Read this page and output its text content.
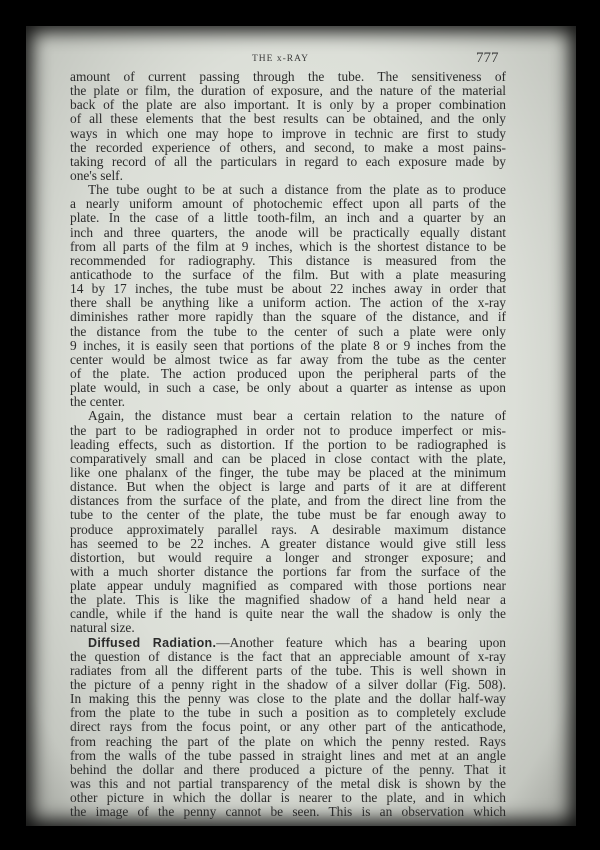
THE x-RAY	777
amount of current passing through the tube. The sensitiveness of
the plate or film, the duration of exposure, and the nature of the material
back of the plate are also important. It is only by a proper combination
of all these elements that the best results can be obtained, and the only
ways in which one may hope to improve in technic are first to study
the recorded experience of others, and second, to make a most pains-
taking record of all the particulars in regard to each exposure made by
one's self.
The tube ought to be at such a distance from the plate as to produce
a nearly uniform amount of photochemic effect upon all parts of the
plate. In the case of a little tooth-film, an inch and a quarter by an
inch and three quarters, the anode will be practically equally distant
from all parts of the film at 9 inches, which is the shortest distance to be
recommended for radiography. This distance is measured from the
anticathode to the surface of the film. But with a plate measuring
14 by 17 inches, the tube must be about 22 inches away in order that
there shall be anything like a uniform action. The action of the x-ray
diminishes rather more rapidly than the square of the distance, and if
the distance from the tube to the center of such a plate were only
9 inches, it is easily seen that portions of the plate 8 or 9 inches from the
center would be almost twice as far away from the tube as the center
of the plate. The action produced upon the peripheral parts of the
plate would, in such a case, be only about a quarter as intense as upon
the center.
Again, the distance must bear a certain relation to the nature of
the part to be radiographed in order not to produce imperfect or mis-
leading effects, such as distortion. If the portion to be radiographed is
comparatively small and can be placed in close contact with the plate,
like one phalanx of the finger, the tube may be placed at the minimum
distance. But when the object is large and parts of it are at different
distances from the surface of the plate, and from the direct line from the
tube to the center of the plate, the tube must be far enough away to
produce approximately parallel rays. A desirable maximum distance
has seemed to be 22 inches. A greater distance would give still less
distortion, but would require a longer and stronger exposure; and
with a much shorter distance the portions far from the surface of the
plate appear unduly magnified as compared with those portions near
the plate. This is like the magnified shadow of a hand held near a
candle, while if the hand is quite near the wall the shadow is only the
natural size.
Diffused Radiation.—Another feature which has a bearing upon
the question of distance is the fact that an appreciable amount of x-ray
radiates from all the different parts of the tube. This is well shown in
the picture of a penny right in the shadow of a silver dollar (Fig. 508).
In making this the penny was close to the plate and the dollar half-way
from the plate to the tube in such a position as to completely exclude
direct rays from the focus point, or any other part of the anticathode,
from reaching the part of the plate on which the penny rested. Rays
from the walls of the tube passed in straight lines and met at an angle
behind the dollar and there produced a picture of the penny. That it
was this and not partial transparency of the metal disk is shown by the
other picture in which the dollar is nearer to the plate, and in which
the image of the penny cannot be seen. This is an observation which
